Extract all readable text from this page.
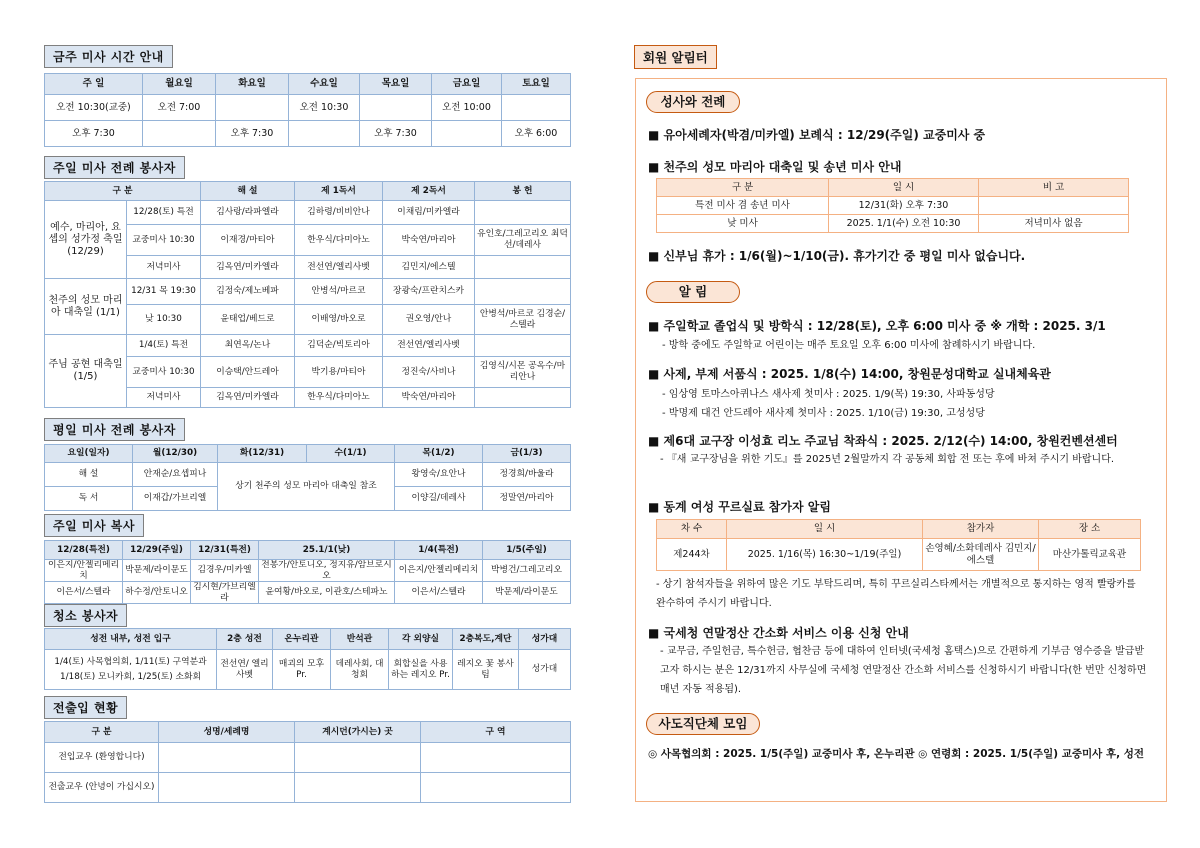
금주 미사 시간 안내
주 일	월요일	화요일	수요일	목요일	금요일	토요일
오전 10:30(교중)	오전 7:00		오전 10:30		오전 10:00	
오후 7:30		오후 7:30		오후 7:30		오후 6:00
주일 미사 전례 봉사자
구 분		해 설	제 1독서	제 2독서	봉 헌
예수, 마리아, 요셉의 성가정 축일 (12/29)	12/28(토) 특전	김사랑/라파엘라	김하령/비비안나	이채림/미카엘라	
	교중미사 10:30	이재경/마티아	한우식/다미아노	박숙연/마리아	유인호/그레고리오 최덕선/데레사
	저녁미사	김옥연/미카엘라	전선연/엘리사벳	김민지/에스텔	
천주의 성모 마리아 대축일 (1/1)	12/31 목 19:30	김정숙/제노베파	안병석/마르코	장광숙/프란치스카	
	낮 10:30	윤태업/베드로	이배영/바오로	권오영/안나	안병석/마르코 김경순/스텔라
주님 공현 대축일 (1/5)	1/4(토) 특전	최연옥/논나	김덕순/빅토리아	전선연/엘리사벳	
	교중미사 10:30	이승택/안드레아	박기용/마티아	정진숙/사비나	김영식/시몬 공옥수/마리안나
	저녁미사	김옥연/미카엘라	한우식/다미아노	박숙연/마리아	
평일 미사 전례 봉사자
요일(일자)	월(12/30)	화(12/31)	수(1/1)	목(1/2)	금(1/3)
해 설	안재순/요셉피나	상기 천주의 성모 마리아 대축일 참조		왕영숙/요안나	정경희/바울라
독 서	이재갑/가브리엘			이양길/데레사	정말연/마리아
주일 미사 복사
12/28(특전)	12/29(주일)	12/31(특전)	25.1/1(낮)	1/4(특전)	1/5(주일)
이은지/안젤리메리치	박문제/라이문도	김경우/미카엘	전봉가/안토니오, 정지유/암브로시오	이은지/안젤리메리치	박병건/그레고리오
이은서/스텔라	하수정/안토니오	김시현/가브리엘라	윤여황/바오로, 이관호/스테파노	이은서/스텔라	박문제/라이문도
청소 봉사자
성전 내부, 성전 입구	2층 성전	온누리관	반석관	각 외양실	2층복도,계단	성가대

1/4(토) 사목협의회, 1/11(토) 구역분과
1/18(토) 모니카회, 1/25(토) 소화회	전선연/ 엘리사벳	매괴의 모후 Pr.	데레사회, 대청회	회합실을 사용하는 레지오 Pr.	레지오 꽃 봉사팀	성가대
전출입 현황
구 분	성명/세례명	계시던(가시는) 곳	구 역
전입교우 (환영합니다)			
전출교우 (안녕이 가십시오)			
회원 알림터
성사와 전례
■ 유아세례자(박겸/미카엘) 보례식 : 12/29(주일) 교중미사 중
■ 천주의 성모 마리아 대축일 및 송년 미사 안내
구 분	일 시	비 고
특전 미사 겸 송년 미사	12/31(화) 오후 7:30	
낮 미사	2025. 1/1(수) 오전 10:30	저녁미사 없음
■ 신부님 휴가 : 1/6(월)~1/10(금). 휴가기간 중 평일 미사 없습니다.
알 림
■ 주일학교 졸업식 및 방학식 : 12/28(토), 오후 6:00 미사 중 ※ 개학 : 2025. 3/1
- 방학 중에도 주일학교 어린이는 매주 토요일 오후 6:00 미사에 참례하시기 바랍니다.
■ 사제, 부제 서품식 : 2025. 1/8(수) 14:00, 창원문성대학교 실내체육관
- 임상영 토마스아퀴나스 새사제 첫미사 : 2025. 1/9(목) 19:30, 사파동성당
- 박명제 대건 안드레아 새사제 첫미사 : 2025. 1/10(금) 19:30, 고성성당
■ 제6대 교구장 이성효 리노 주교님 착좌식 : 2025. 2/12(수) 14:00, 창원컨벤션센터
- 『새 교구장님을 위한 기도』를 2025년 2월말까지 각 공동체 회합 전 또는 후에 바쳐 주시기 바랍니다.
■ 동계 여성 꾸르실료 참가자 알림
차 수	일 시	참가자	장 소
제244차	2025. 1/16(목) 16:30~1/19(주일)	손영혜/소화데레사 김민지/에스텔	마산가톨릭교육관
- 상기 참석자들을 위하여 많은 기도 부탁드리며, 특히 꾸르실리스타께서는 개별적으로 통지하는 영적 빨랑카를 완수하여 주시기 바랍니다.
■ 국세청 연말정산 간소화 서비스 이용 신청 안내
- 교무금, 주일헌금, 특수헌금, 협찬금 등에 대하여 인터넷(국세청 홈택스)으로 간편하게 기부금 영수증을 발급받고자 하시는 분은 12/31까지 사무실에 국세청 연말정산 간소화 서비스를 신청하시기 바랍니다(한 번만 신청하면 매년 자동 적용됨).
사도직단체 모임
◎ 사목협의회 : 2025. 1/5(주일) 교중미사 후, 온누리관 ◎ 연령회 : 2025. 1/5(주일) 교중미사 후, 성전
